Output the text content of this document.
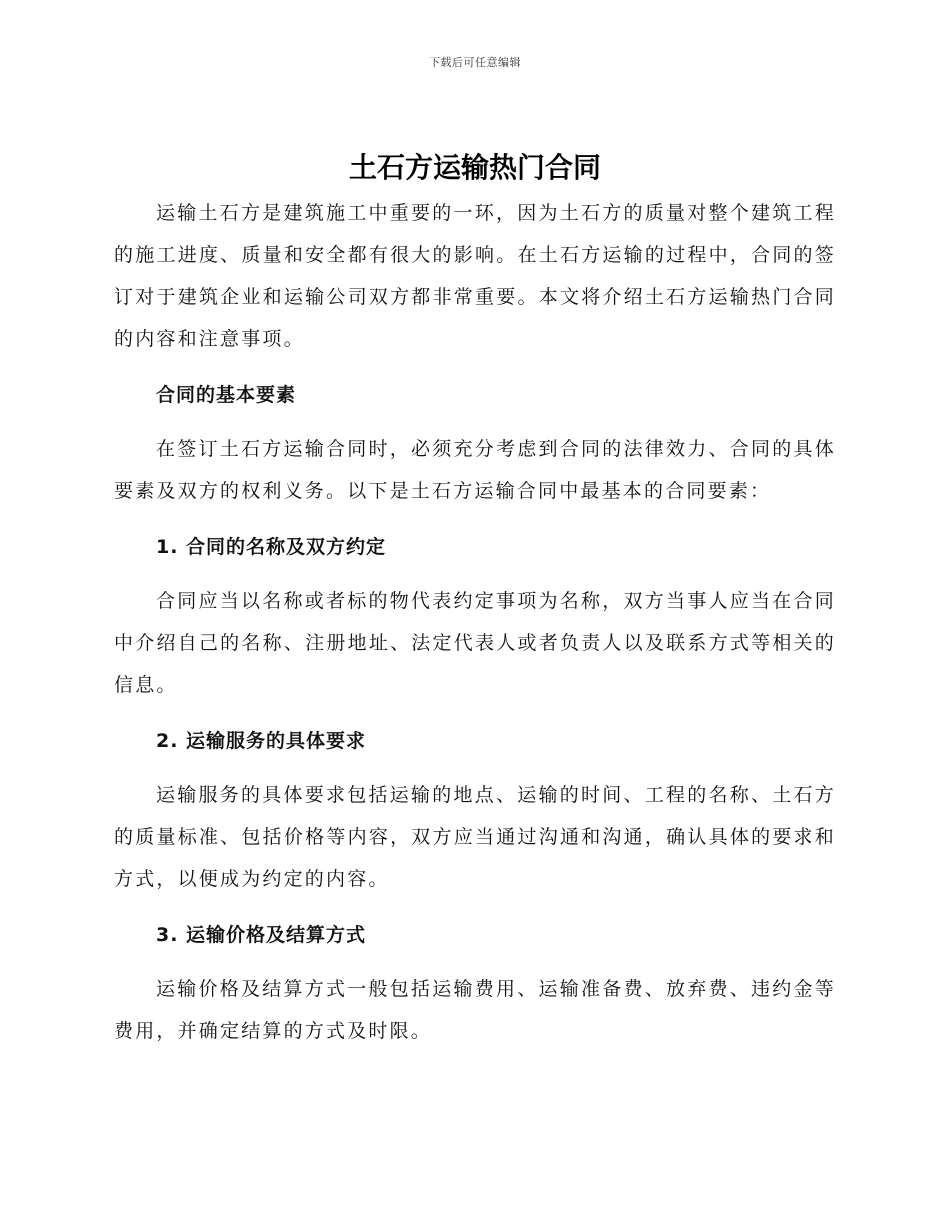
下载后可任意编辑
土石方运输热门合同

运输土石方是建筑施工中重要的一环，因为土石方的质量对整个建筑工程的施工进度、质量和安全都有很大的影响。在土石方运输的过程中，合同的签订对于建筑企业和运输公司双方都非常重要。本文将介绍土石方运输热门合同的内容和注意事项。

合同的基本要素

在签订土石方运输合同时，必须充分考虑到合同的法律效力、合同的具体要素及双方的权利义务。以下是土石方运输合同中最基本的合同要素：

1. 合同的名称及双方约定

合同应当以名称或者标的物代表约定事项为名称，双方当事人应当在合同中介绍自己的名称、注册地址、法定代表人或者负责人以及联系方式等相关的信息。

2. 运输服务的具体要求

运输服务的具体要求包括运输的地点、运输的时间、工程的名称、土石方的质量标准、包括价格等内容，双方应当通过沟通和沟通，确认具体的要求和方式，以便成为约定的内容。

3. 运输价格及结算方式

运输价格及结算方式一般包括运输费用、运输准备费、放弃费、违约金等费用，并确定结算的方式及时限。
